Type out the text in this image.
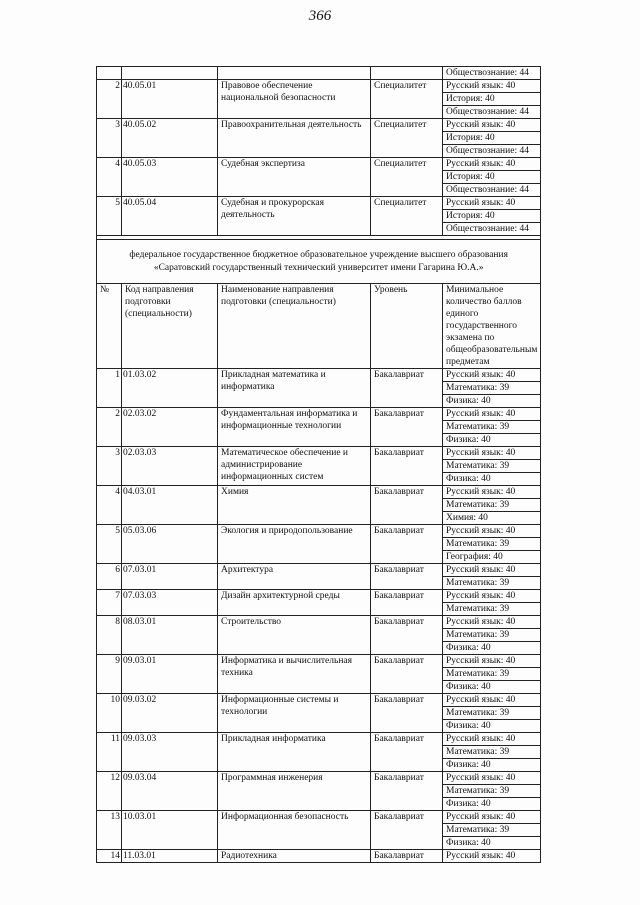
366
				Обществознание: 44
2	40.05.01	Правовое обеспечение национальной безопасности	Специалитет	Русский язык: 40
				История: 40
				Обществознание: 44
3	40.05.02	Правоохранительная деятельность	Специалитет	Русский язык: 40
				История: 40
				Обществознание: 44
4	40.05.03	Судебная экспертиза	Специалитет	Русский язык: 40
				История: 40
				Обществознание: 44
5	40.05.04	Судебная и прокурорская деятельность	Специалитет	Русский язык: 40
				История: 40
				Обществознание: 44

федеральное государственное бюджетное образовательное учреждение высшего образования «Саратовский государственный технический университет имени Гагарина Ю.А.»				
№	Код направления подготовки (специальности)	Наименование направления подготовки (специальности)	Уровень	Минимальное количество баллов единого государственного экзамена по общеобразовательным предметам
1	01.03.02	Прикладная математика и информатика	Бакалавриат	Русский язык: 40
				Математика: 39
				Физика: 40
2	02.03.02	Фундаментальная информатика и информационные технологии	Бакалавриат	Русский язык: 40
				Математика: 39
				Физика: 40
3	02.03.03	Математическое обеспечение и администрирование информационных систем	Бакалавриат	Русский язык: 40
				Математика: 39
				Физика: 40
4	04.03.01	Химия	Бакалавриат	Русский язык: 40
				Математика: 39
				Химия: 40
5	05.03.06	Экология и природопользование	Бакалавриат	Русский язык: 40
				Математика: 39
				География: 40
6	07.03.01	Архитектура	Бакалавриат	Русский язык: 40
				Математика: 39
7	07.03.03	Дизайн архитектурной среды	Бакалавриат	Русский язык: 40
				Математика: 39
8	08.03.01	Строительство	Бакалавриат	Русский язык: 40
				Математика: 39
				Физика: 40
9	09.03.01	Информатика и вычислительная техника	Бакалавриат	Русский язык: 40
				Математика: 39
				Физика: 40
10	09.03.02	Информационные системы и технологии	Бакалавриат	Русский язык: 40
				Математика: 39
				Физика: 40
11	09.03.03	Прикладная информатика	Бакалавриат	Русский язык: 40
				Математика: 39
				Физика: 40
12	09.03.04	Программная инженерия	Бакалавриат	Русский язык: 40
				Математика: 39
				Физика: 40
13	10.03.01	Информационная безопасность	Бакалавриат	Русский язык: 40
				Математика: 39
				Физика: 40
14	11.03.01	Радиотехника	Бакалавриат	Русский язык: 40
